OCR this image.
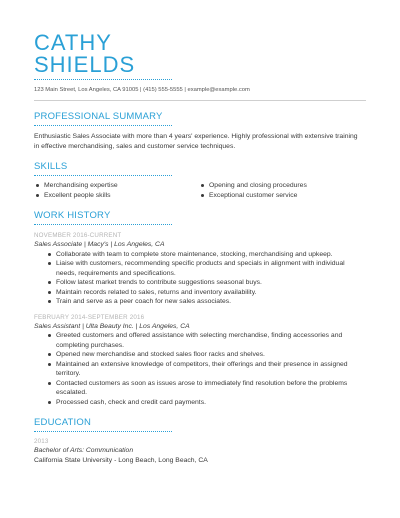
CATHY
SHIELDS
123 Main Street, Los Angeles, CA 91005 | (415) 555-5555 | example@example.com
PROFESSIONAL SUMMARY
Enthusiastic Sales Associate with more than 4 years' experience. Highly professional with extensive training in effective merchandising, sales and customer service techniques.
SKILLS
Merchandising expertise
Excellent people skills
Opening and closing procedures
Exceptional customer service
WORK HISTORY
NOVEMBER 2016-CURRENT
Sales Associate | Macy's | Los Angeles, CA
Collaborate with team to complete store maintenance, stocking, merchandising and upkeep.
Liaise with customers, recommending specific products and specials in alignment with individual needs, requirements and specifications.
Follow latest market trends to contribute suggestions seasonal buys.
Maintain records related to sales, returns and inventory availability.
Train and serve as a peer coach for new sales associates.
FEBRUARY 2014-SEPTEMBER 2016
Sales Assistant | Ulta Beauty Inc. | Los Angeles, CA
Greeted customers and offered assistance with selecting merchandise, finding accessories and completing purchases.
Opened new merchandise and stocked sales floor racks and shelves.
Maintained an extensive knowledge of competitors, their offerings and their presence in assigned territory.
Contacted customers as soon as issues arose to immediately find resolution before the problems escalated.
Processed cash, check and credit card payments.
EDUCATION
2013
Bachelor of Arts: Communication
California State University - Long Beach, Long Beach, CA
